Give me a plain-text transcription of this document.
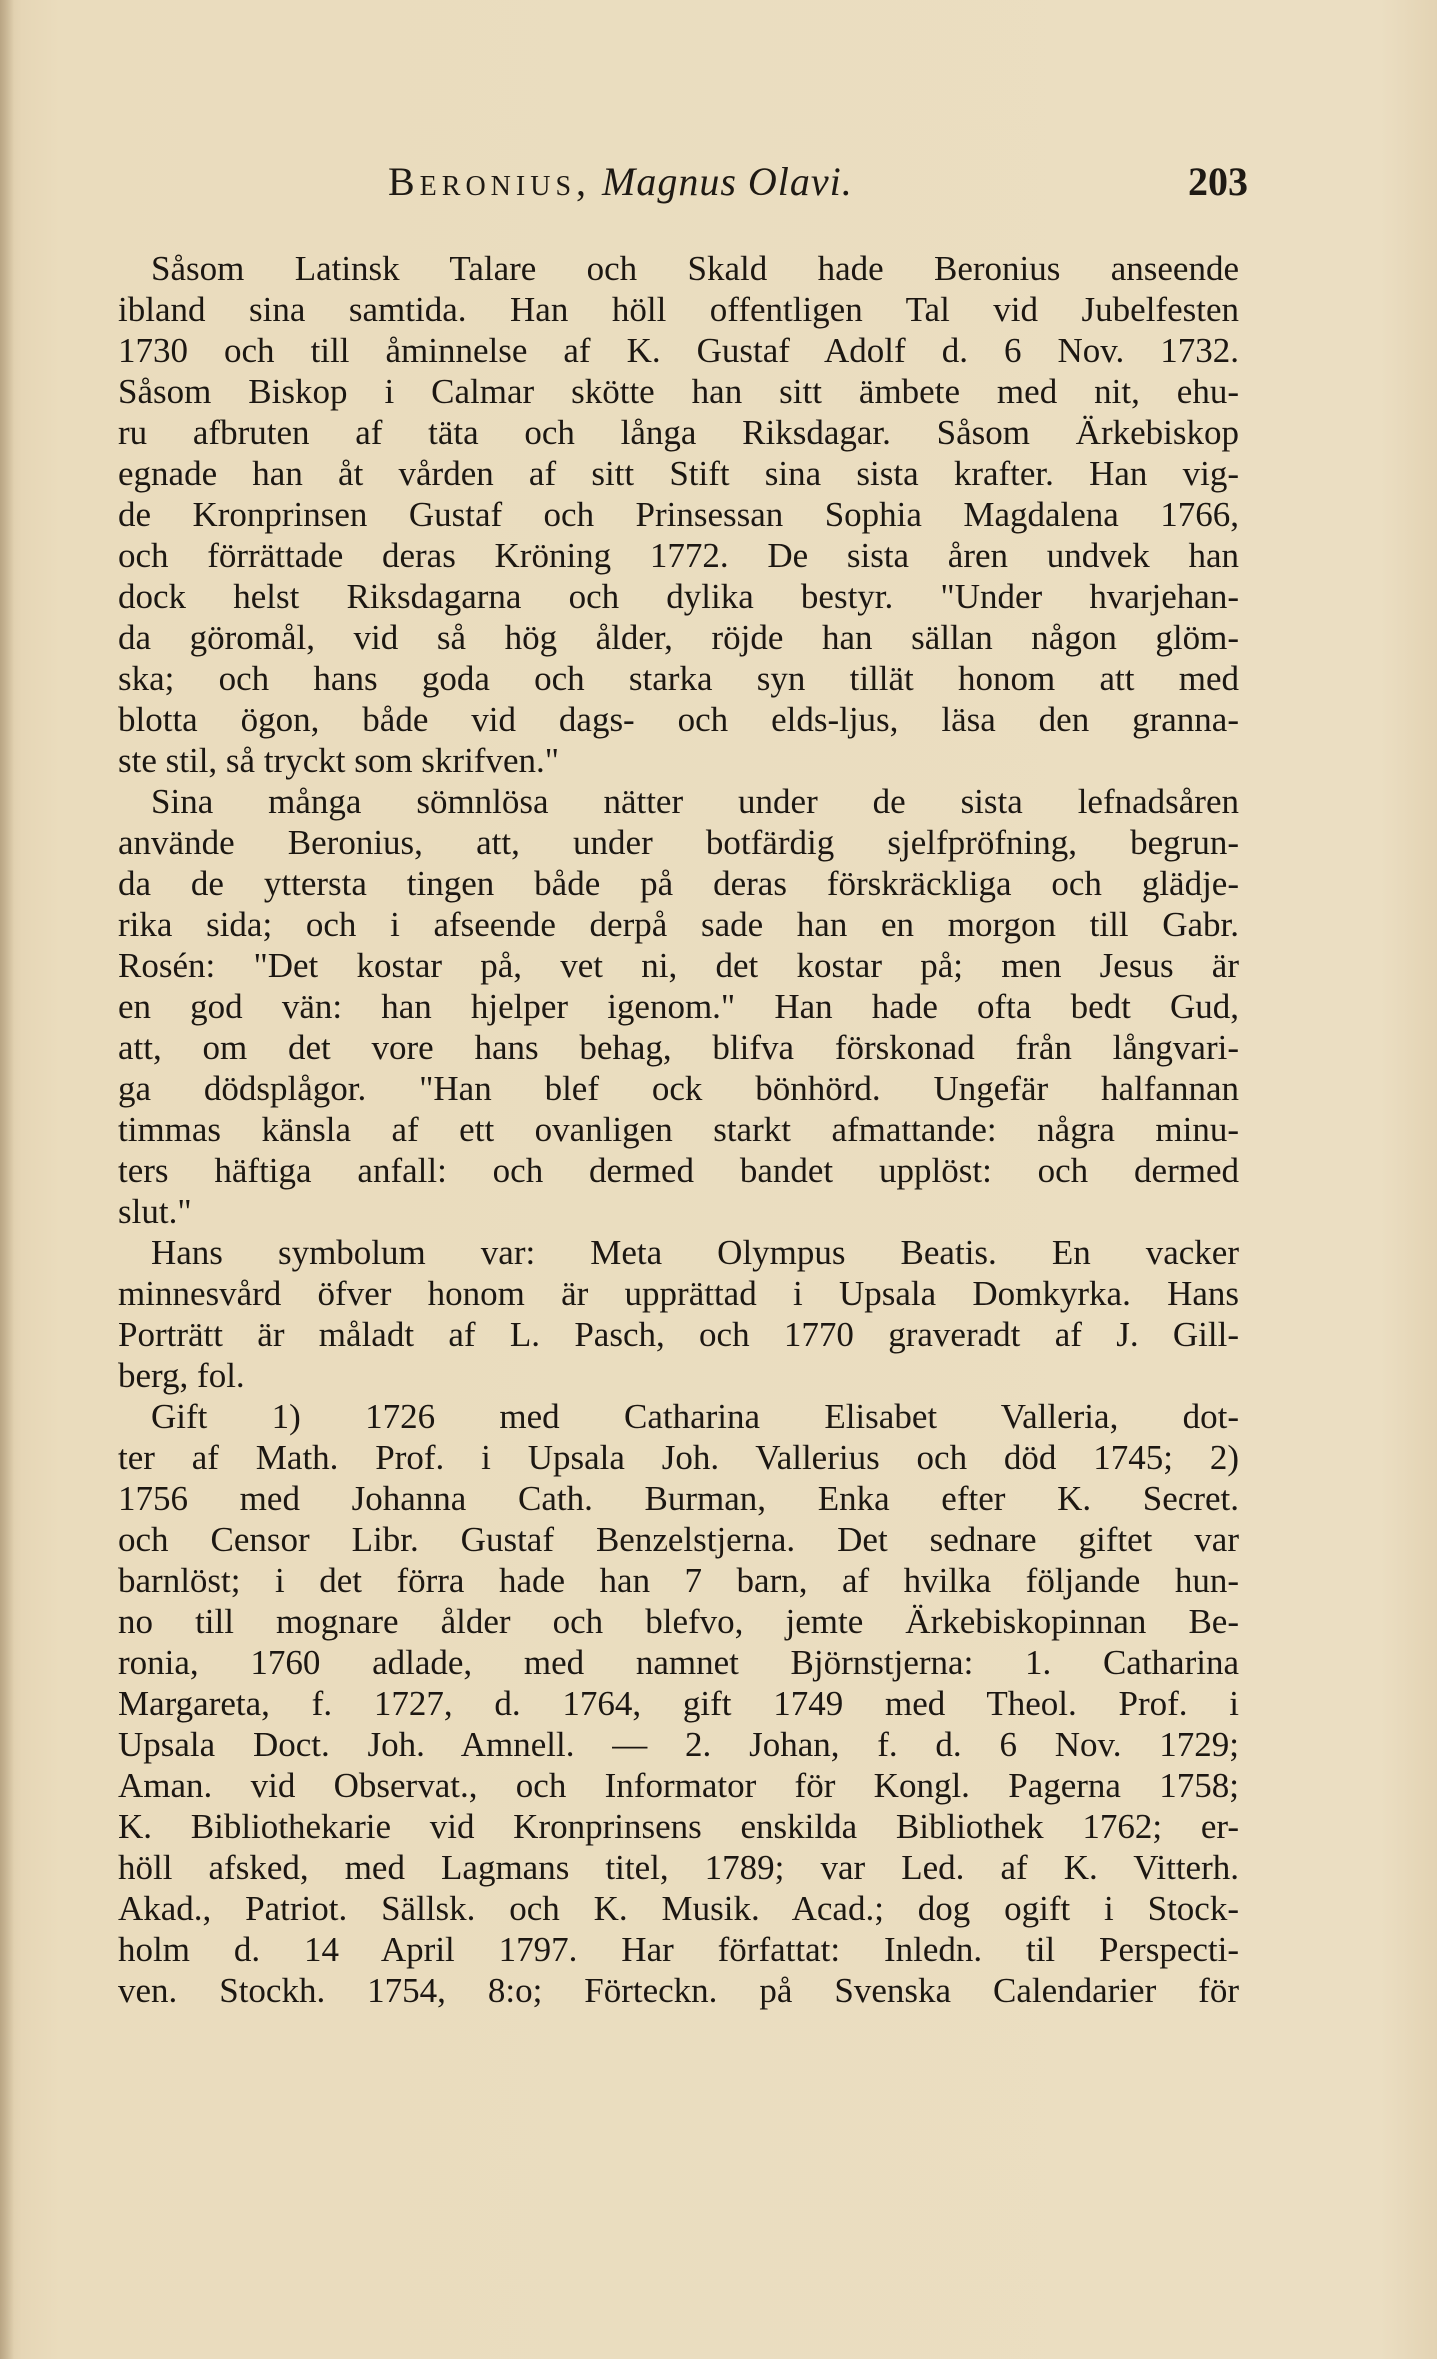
Beronius, Magnus Olavi.	203
Såsom Latinsk Talare och Skald hade Beronius anseende
ibland sina samtida. Han höll offentligen Tal vid Jubelfesten
1730 och till åminnelse af K. Gustaf Adolf d. 6 Nov. 1732.
Såsom Biskop i Calmar skötte han sitt ämbete med nit, ehu-
ru afbruten af täta och långa Riksdagar. Såsom Ärkebiskop
egnade han åt vården af sitt Stift sina sista krafter. Han vig-
de Kronprinsen Gustaf och Prinsessan Sophia Magdalena 1766,
och förrättade deras Kröning 1772. De sista åren undvek han
dock helst Riksdagarna och dylika bestyr. "Under hvarjehan-
da göromål, vid så hög ålder, röjde han sällan någon glöm-
ska; och hans goda och starka syn tillät honom att med
blotta ögon, både vid dags- och elds-ljus, läsa den granna-
ste stil, så tryckt som skrifven."
Sina många sömnlösa nätter under de sista lefnadsåren
använde Beronius, att, under botfärdig sjelfpröfning, begrun-
da de yttersta tingen både på deras förskräckliga och glädje-
rika sida; och i afseende derpå sade han en morgon till Gabr.
Rosén: "Det kostar på, vet ni, det kostar på; men Jesus är
en god vän: han hjelper igenom." Han hade ofta bedt Gud,
att, om det vore hans behag, blifva förskonad från långvari-
ga dödsplågor. "Han blef ock bönhörd. Ungefär halfannan
timmas känsla af ett ovanligen starkt afmattande: några minu-
ters häftiga anfall: och dermed bandet upplöst: och dermed
slut."
Hans symbolum var: Meta Olympus Beatis. En vacker
minnesvård öfver honom är upprättad i Upsala Domkyrka. Hans
Porträtt är måladt af L. Pasch, och 1770 graveradt af J. Gill-
berg, fol.
Gift 1) 1726 med Catharina Elisabet Valleria, dot-
ter af Math. Prof. i Upsala Joh. Vallerius och död 1745; 2)
1756 med Johanna Cath. Burman, Enka efter K. Secret.
och Censor Libr. Gustaf Benzelstjerna. Det sednare giftet var
barnlöst; i det förra hade han 7 barn, af hvilka följande hun-
no till mognare ålder och blefvo, jemte Ärkebiskopinnan Be-
ronia, 1760 adlade, med namnet Björnstjerna: 1. Catharina
Margareta, f. 1727, d. 1764, gift 1749 med Theol. Prof. i
Upsala Doct. Joh. Amnell. — 2. Johan, f. d. 6 Nov. 1729;
Aman. vid Observat., och Informator för Kongl. Pagerna 1758;
K. Bibliothekarie vid Kronprinsens enskilda Bibliothek 1762; er-
höll afsked, med Lagmans titel, 1789; var Led. af K. Vitterh.
Akad., Patriot. Sällsk. och K. Musik. Acad.; dog ogift i Stock-
holm d. 14 April 1797. Har författat: Inledn. til Perspecti-
ven. Stockh. 1754, 8:o; Förteckn. på Svenska Calendarier för
